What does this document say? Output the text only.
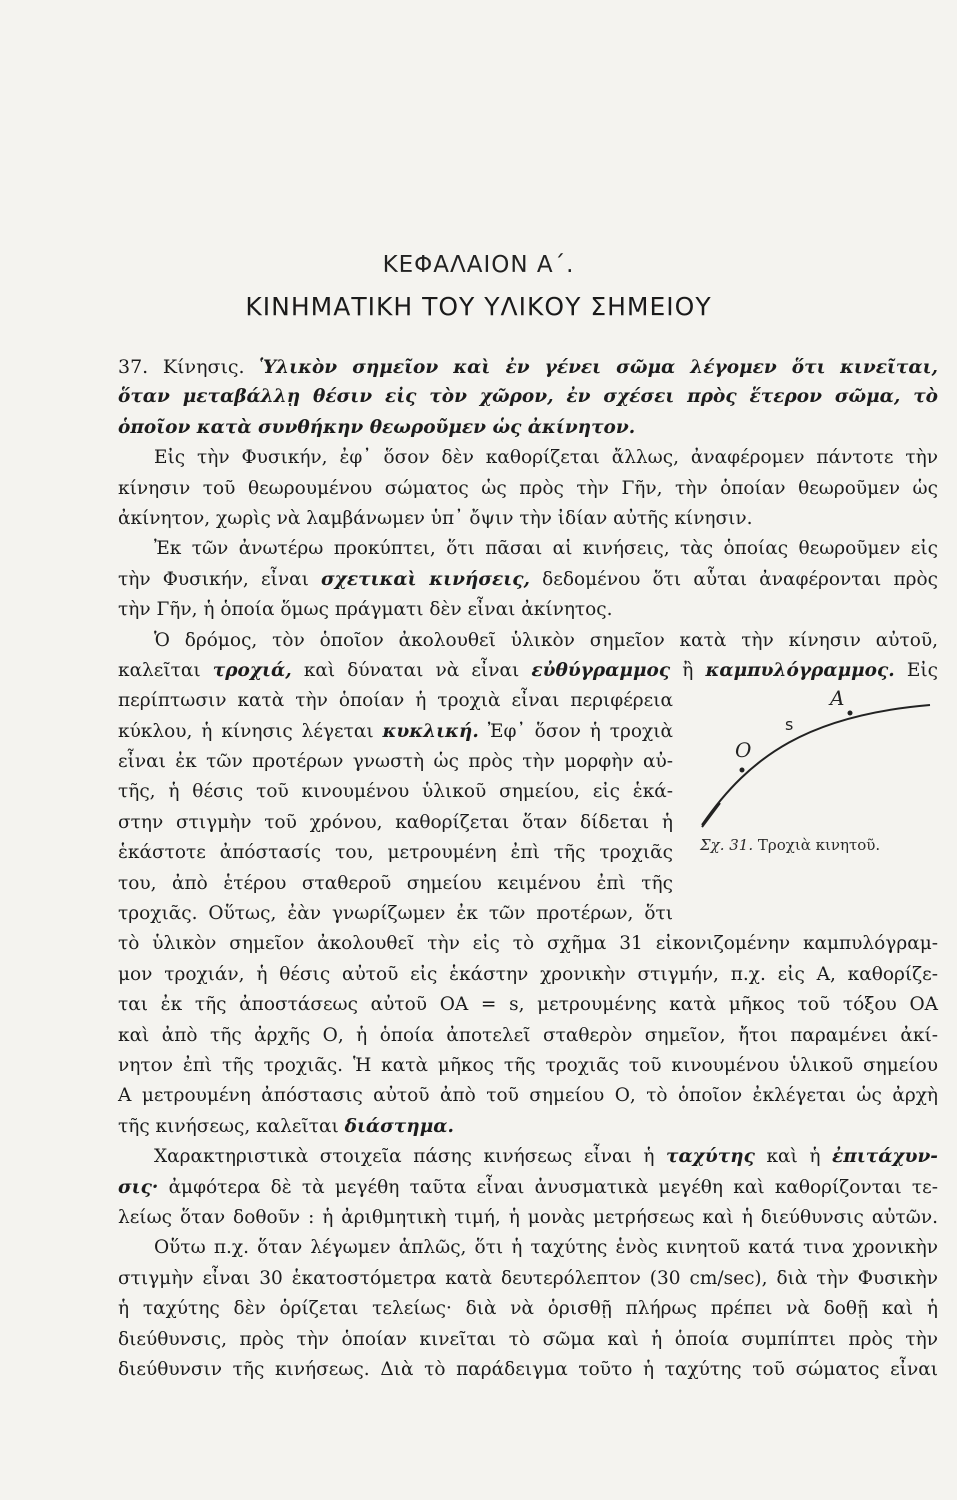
ΚΕΦΑΛΑΙΟΝ Α΄.
ΚΙΝΗΜΑΤΙΚΗ ΤΟΥ ΥΛΙΚΟΥ ΣΗΜΕΙΟΥ
37. Κίνησις. Ὑλικὸν σημεῖον καὶ ἐν γένει σῶμα λέγομεν ὅτι κινεῖται,
ὅταν μεταβάλλῃ θέσιν εἰς τὸν χῶρον, ἐν σχέσει πρὸς ἕτερον σῶμα, τὸ
ὁποῖον κατὰ συνθήκην θεωροῦμεν ὡς ἀκίνητον.
Εἰς τὴν Φυσικήν, ἐφ᾽ ὅσον δὲν καθορίζεται ἄλλως, ἀναφέρομεν πάντοτε τὴν
κίνησιν τοῦ θεωρουμένου σώματος ὡς πρὸς τὴν Γῆν, τὴν ὁποίαν θεωροῦμεν ὡς
ἀκίνητον, χωρὶς νὰ λαμβάνωμεν ὑπ᾽ ὄψιν τὴν ἰδίαν αὐτῆς κίνησιν.
Ἐκ τῶν ἀνωτέρω προκύπτει, ὅτι πᾶσαι αἱ κινήσεις, τὰς ὁποίας θεωροῦμεν εἰς
τὴν Φυσικήν, εἶναι σχετικαὶ κινήσεις, δεδομένου ὅτι αὗται ἀναφέρονται πρὸς
τὴν Γῆν, ἡ ὁποία ὅμως πράγματι δὲν εἶναι ἀκίνητος.
Ὁ δρόμος, τὸν ὁποῖον ἀκολουθεῖ ὑλικὸν σημεῖον κατὰ τὴν κίνησιν αὐτοῦ,
καλεῖται τροχιά, καὶ δύναται νὰ εἶναι εὐθύγραμμος ἢ καμπυλόγραμμος. Εἰς
περίπτωσιν κατὰ τὴν ὁποίαν ἡ τροχιὰ εἶναι περιφέρεια
κύκλου, ἡ κίνησις λέγεται κυκλική. Ἐφ᾽ ὅσον ἡ τροχιὰ
εἶναι ἐκ τῶν προτέρων γνωστὴ ὡς πρὸς τὴν μορφὴν αὐ-
τῆς, ἡ θέσις τοῦ κινουμένου ὑλικοῦ σημείου, εἰς ἑκά-
στην στιγμὴν τοῦ χρόνου, καθορίζεται ὅταν δίδεται ἡ
ἑκάστοτε ἀπόστασίς του, μετρουμένη ἐπὶ τῆς τροχιᾶς
του, ἀπὸ ἑτέρου σταθεροῦ σημείου κειμένου ἐπὶ τῆς
τροχιᾶς. Οὕτως, ἐὰν γνωρίζωμεν ἐκ τῶν προτέρων, ὅτι
τὸ ὑλικὸν σημεῖον ἀκολουθεῖ τὴν εἰς τὸ σχῆμα 31 εἰκονιζομένην καμπυλόγραμ-
μον τροχιάν, ἡ θέσις αὐτοῦ εἰς ἑκάστην χρονικὴν στιγμήν, π.χ. εἰς Α, καθορίζε-
ται ἐκ τῆς ἀποστάσεως αὐτοῦ ΟΑ = s, μετρουμένης κατὰ μῆκος τοῦ τόξου ΟΑ
καὶ ἀπὸ τῆς ἀρχῆς Ο, ἡ ὁποία ἀποτελεῖ σταθερὸν σημεῖον, ἤτοι παραμένει ἀκί-
νητον ἐπὶ τῆς τροχιᾶς. Ἡ κατὰ μῆκος τῆς τροχιᾶς τοῦ κινουμένου ὑλικοῦ σημείου
Α μετρουμένη ἀπόστασις αὐτοῦ ἀπὸ τοῦ σημείου Ο, τὸ ὁποῖον ἐκλέγεται ὡς ἀρχὴ
τῆς κινήσεως, καλεῖται διάστημα.
Χαρακτηριστικὰ στοιχεῖα πάσης κινήσεως εἶναι ἡ ταχύτης καὶ ἡ ἐπιτάχυν-
σις· ἀμφότερα δὲ τὰ μεγέθη ταῦτα εἶναι ἀνυσματικὰ μεγέθη καὶ καθορίζονται τε-
λείως ὅταν δοθοῦν : ἡ ἀριθμητικὴ τιμή, ἡ μονὰς μετρήσεως καὶ ἡ διεύθυνσις αὐτῶν.
Οὕτω π.χ. ὅταν λέγωμεν ἁπλῶς, ὅτι ἡ ταχύτης ἑνὸς κινητοῦ κατά τινα χρονικὴν
στιγμὴν εἶναι 30 ἑκατοστόμετρα κατὰ δευτερόλεπτον (30 cm/sec), διὰ τὴν Φυσικὴν
ἡ ταχύτης δὲν ὁρίζεται τελείως· διὰ νὰ ὁρισθῇ πλήρως πρέπει νὰ δοθῇ καὶ ἡ
διεύθυνσις, πρὸς τὴν ὁποίαν κινεῖται τὸ σῶμα καὶ ἡ ὁποία συμπίπτει πρὸς τὴν
διεύθυνσιν τῆς κινήσεως. Διὰ τὸ παράδειγμα τοῦτο ἡ ταχύτης τοῦ σώματος εἶναι
A
s
O
Σχ. 31. Τροχιὰ κινητοῦ.
